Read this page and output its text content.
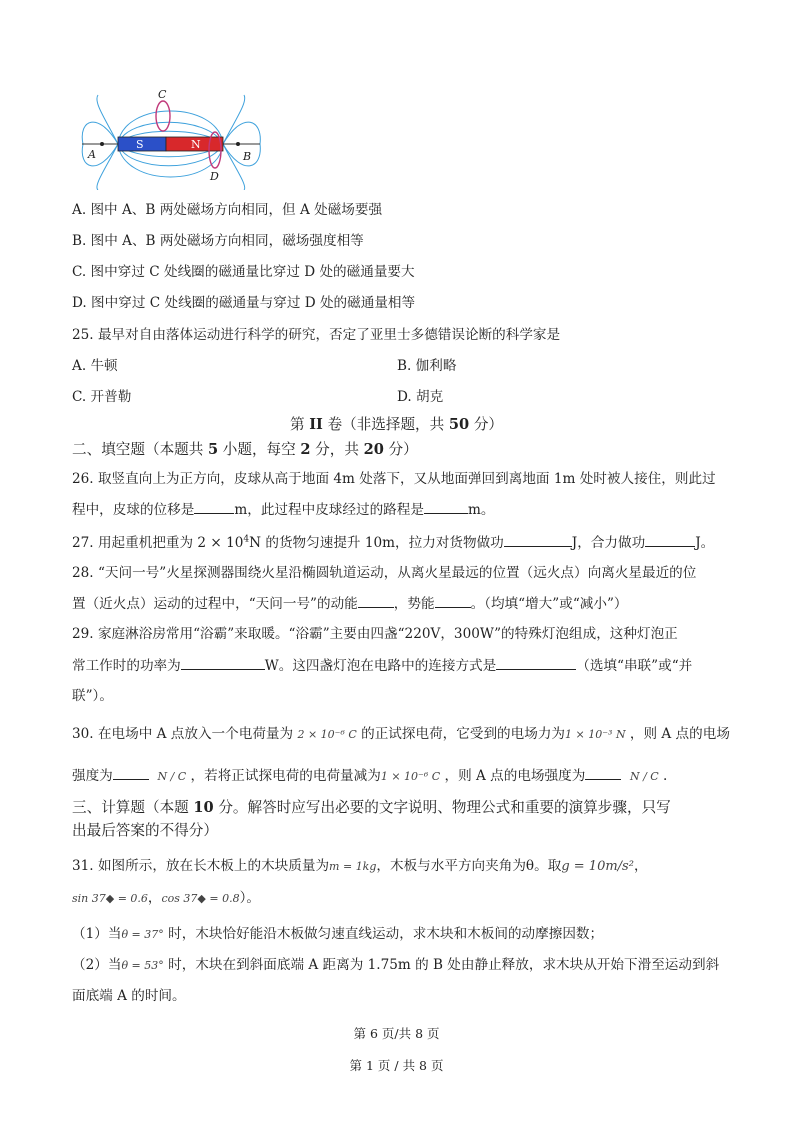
S	N
A	B
C
D
A. 图中 A、B 两处磁场方向相同，但 A 处磁场要强
B. 图中 A、B 两处磁场方向相同，磁场强度相等
C. 图中穿过 C 处线圈的磁通量比穿过 D 处的磁通量要大
D. 图中穿过 C 处线圈的磁通量与穿过 D 处的磁通量相等
25. 最早对自由落体运动进行科学的研究，否定了亚里士多德错误论断的科学家是
A. 牛顿	B. 伽利略
C. 开普勒	D. 胡克
第 II 卷（非选择题，共 50 分）
二、填空题（本题共 5 小题，每空 2 分，共 20 分）
26. 取竖直向上为正方向，皮球从高于地面 4m 处落下，又从地面弹回到离地面 1m 处时被人接住，则此过
程中，皮球的位移是	m，此过程中皮球经过的路程是	m。
27. 用起重机把重为 $2 \times 10^4N$ 的货物匀速提升 10m，拉力对货物做功	J，合力做功	J。
28. “天问一号”火星探测器围绕火星沿椭圆轨道运动，从离火星最远的位置（远火点）向离火星最近的位
置（近火点）运动的过程中，“天问一号”的动能	，势能	。（均填“增大”或“减小”）
29. 家庭淋浴房常用“浴霸”来取暖。“浴霸”主要由四盏“220V，300W”的特殊灯泡组成，这种灯泡正
常工作时的功率为	W。这四盏灯泡在电路中的连接方式是	（选填“串联”或“并
联”）。
30. 在电场中 A 点放入一个电荷量为 2 × 10⁻⁶ C 的正试探电荷，它受到的电场力为1 × 10⁻³ N ，则 A 点的电场
强度为	N / C ，若将正试探电荷的电荷量减为1 × 10⁻⁶ C ，则 A 点的电场强度为	N / C .
三、计算题（本题 10 分。解答时应写出必要的文字说明、物理公式和重要的演算步骤，只写
出最后答案的不得分）
31. 如图所示，放在长木板上的木块质量为m = 1kg，木板与水平方向夹角为θ。取g = 10m/s²，
sin 37◆ = 0.6，cos 37◆ = 0.8）。
（1）当θ = 37° 时，木块恰好能沿木板做匀速直线运动，求木块和木板间的动摩擦因数；
（2）当θ = 53° 时，木块在到斜面底端 A 距离为 1.75m 的 B 处由静止释放，求木块从开始下滑至运动到斜
面底端 A 的时间。
第 6 页/共 8 页
第 1 页 / 共 8 页
